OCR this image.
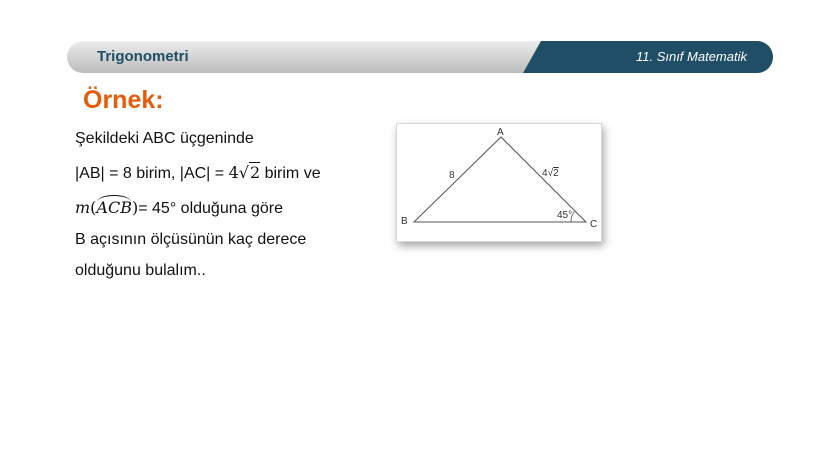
Trigonometri	11. Sınıf Matematik
Örnek:
Şekildeki ABC üçgeninde
|AB| = 8 birim, |AC| = 4√2 birim ve
m(ACB)= 45° olduğuna göre
B açısının ölçüsünün kaç derece
olduğunu bulalım..
A
B	C
8	4√2
45°
